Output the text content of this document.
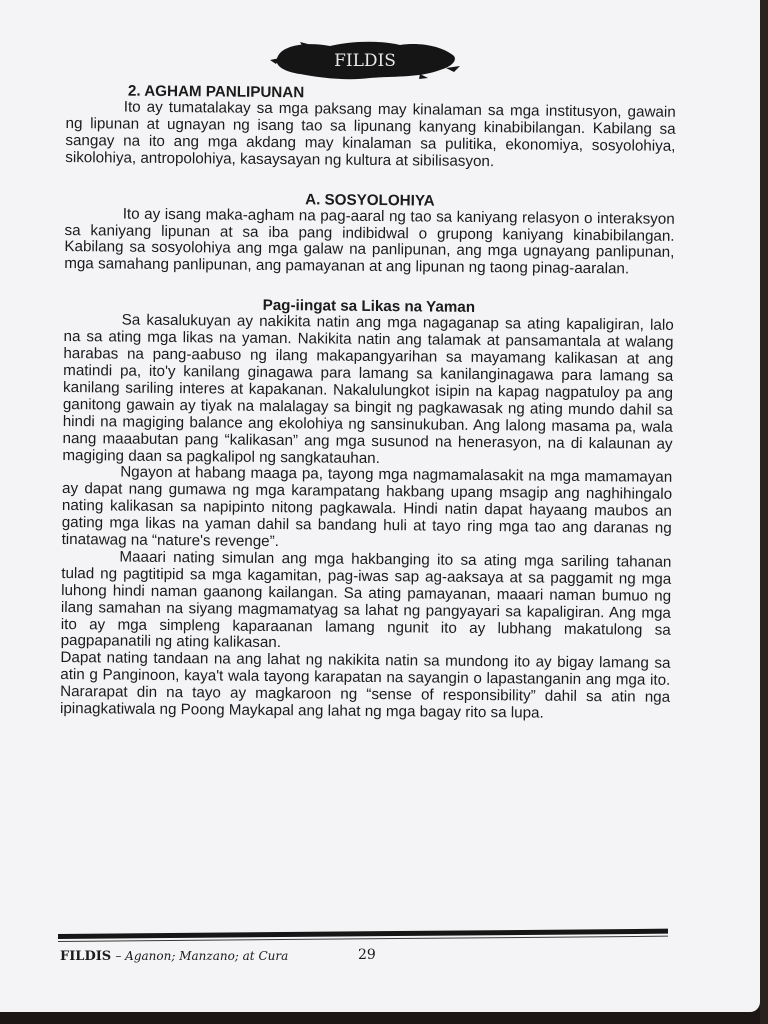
FILDIS
2. AGHAM PANLIPUNAN

Ito ay tumatalakay sa mga paksang may kinalaman sa mga institusyon, gawain ng lipunan at ugnayan ng isang tao sa lipunang kanyang kinabibilangan. Kabilang sa sangay na ito ang mga akdang may kinalaman sa pulitika, ekonomiya, sosyolohiya, sikolohiya, antropolohiya, kasaysayan ng kultura at sibilisasyon.

A. SOSYOLOHIYA

Ito ay isang maka-agham na pag-aaral ng tao sa kaniyang relasyon o interaksyon sa kaniyang lipunan at sa iba pang indibidwal o grupong kaniyang kinabibilangan. Kabilang sa sosyolohiya ang mga galaw na panlipunan, ang mga ugnayang panlipunan, mga samahang panlipunan, ang pamayanan at ang lipunan ng taong pinag-aaralan.

Pag-iingat sa Likas na Yaman

Sa kasalukuyan ay nakikita natin ang mga nagaganap sa ating kapaligiran, lalo na sa ating mga likas na yaman. Nakikita natin ang talamak at pansamantala at walang harabas na pang-aabuso ng ilang makapangyarihan sa mayamang kalikasan at ang matindi pa, ito'y kanilang ginagawa para lamang sa kanilanginagawa para lamang sa kanilang sariling interes at kapakanan. Nakalulungkot isipin na kapag nagpatuloy pa ang ganitong gawain ay tiyak na malalagay sa bingit ng pagkawasak ng ating mundo dahil sa hindi na magiging balance ang ekolohiya ng sansinukuban. Ang lalong masama pa, wala nang maaabutan pang “kalikasan” ang mga susunod na henerasyon, na di kalaunan ay magiging daan sa pagkalipol ng sangkatauhan.

Ngayon at habang maaga pa, tayong mga nagmamalasakit na mga mamamayan ay dapat nang gumawa ng mga karampatang hakbang upang msagip ang naghihingalo nating kalikasan sa napipinto nitong pagkawala. Hindi natin dapat hayaang maubos an gating mga likas na yaman dahil sa bandang huli at tayo ring mga tao ang daranas ng tinatawag na “nature's revenge”.

Maaari nating simulan ang mga hakbanging ito sa ating mga sariling tahanan tulad ng pagtitipid sa mga kagamitan, pag-iwas sap ag-aaksaya at sa paggamit ng mga luhong hindi naman gaanong kailangan. Sa ating pamayanan, maaari naman bumuo ng ilang samahan na siyang magmamatyag sa lahat ng pangyayari sa kapaligiran. Ang mga ito ay mga simpleng kaparaanan lamang ngunit ito ay lubhang makatulong sa pagpapanatili ng ating kalikasan.

Dapat nating tandaan na ang lahat ng nakikita natin sa mundong ito ay bigay lamang sa atin g Panginoon, kaya't wala tayong karapatan na sayangin o lapastanganin ang mga ito. Nararapat din na tayo ay magkaroon ng “sense of responsibility” dahil sa atin nga ipinagkatiwala ng Poong Maykapal ang lahat ng mga bagay rito sa lupa.

FILDIS – Aganon; Manzano; at Cura	29
